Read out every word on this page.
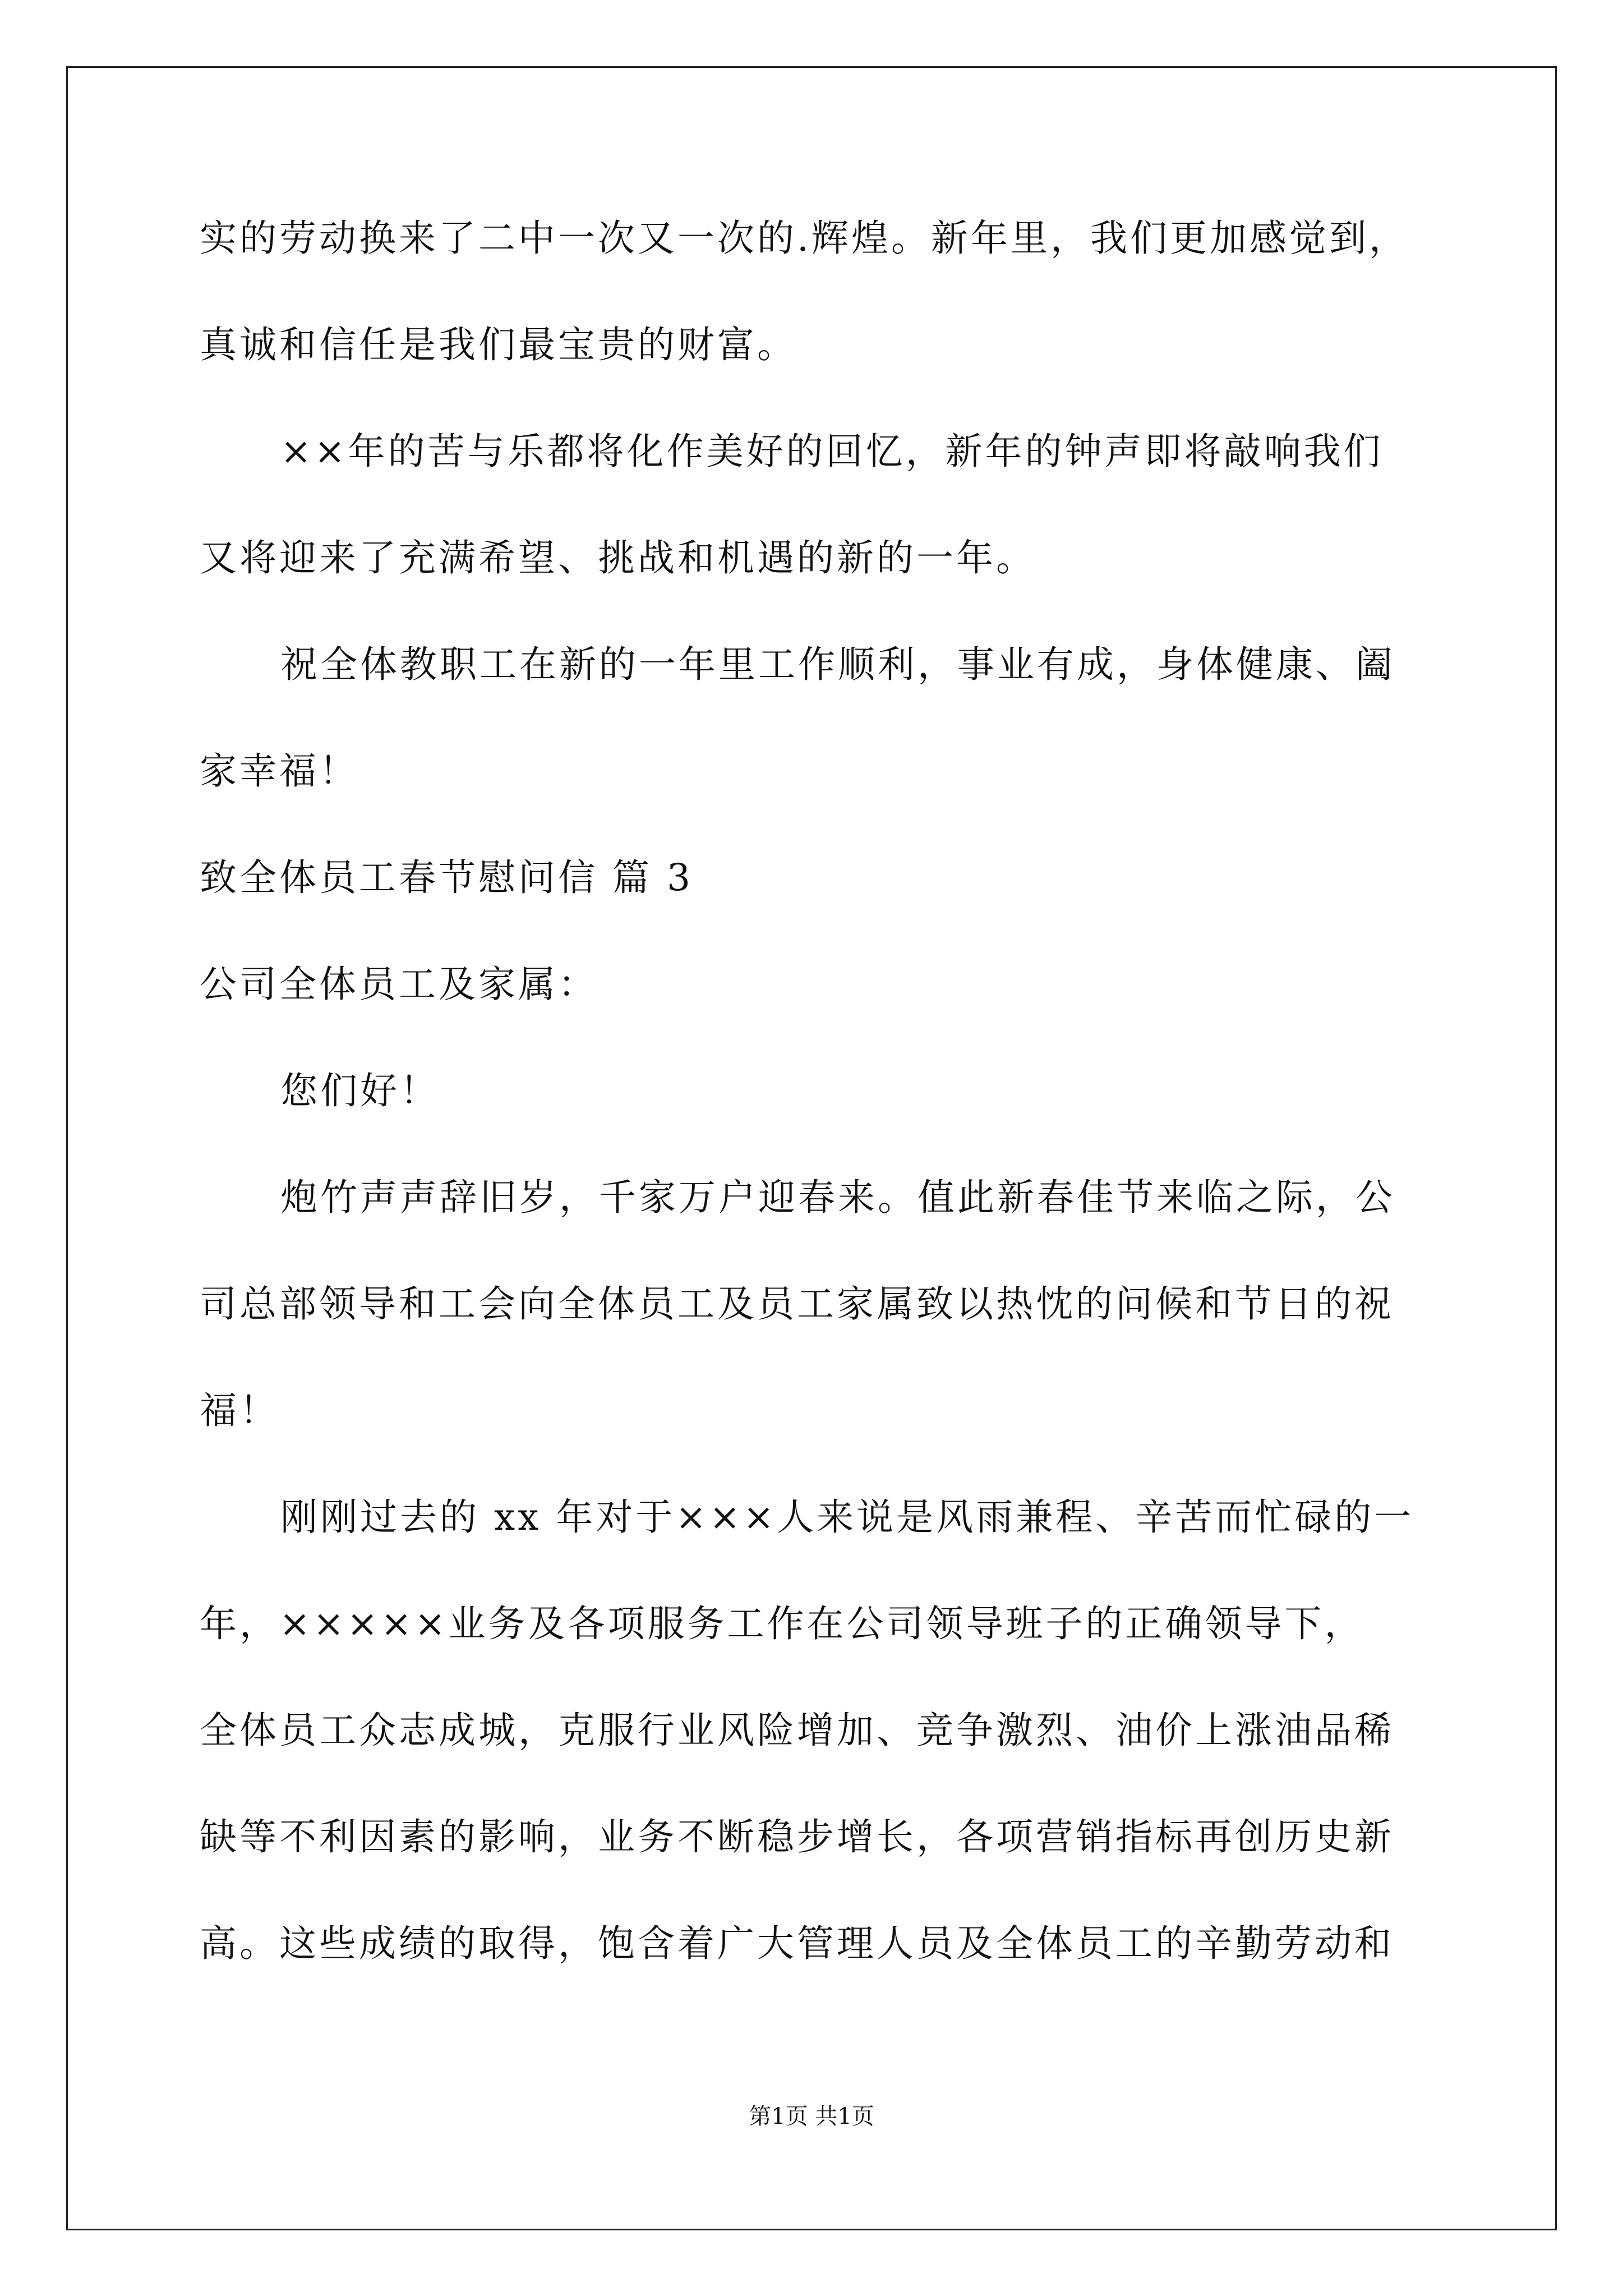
实的劳动换来了二中一次又一次的.辉煌。新年里，我们更加感觉到，
真诚和信任是我们最宝贵的财富。
××年的苦与乐都将化作美好的回忆，新年的钟声即将敲响我们
又将迎来了充满希望、挑战和机遇的新的一年。
祝全体教职工在新的一年里工作顺利，事业有成，身体健康、阖
家幸福！
致全体员工春节慰问信 篇 3
公司全体员工及家属：
您们好！
炮竹声声辞旧岁，千家万户迎春来。值此新春佳节来临之际，公
司总部领导和工会向全体员工及员工家属致以热忱的问候和节日的祝
福！
刚刚过去的 xx 年对于×××人来说是风雨兼程、辛苦而忙碌的一
年，×××××业务及各项服务工作在公司领导班子的正确领导下，
全体员工众志成城，克服行业风险增加、竞争激烈、油价上涨油品稀
缺等不利因素的影响，业务不断稳步增长，各项营销指标再创历史新
高。这些成绩的取得，饱含着广大管理人员及全体员工的辛勤劳动和
第1页 共1页
